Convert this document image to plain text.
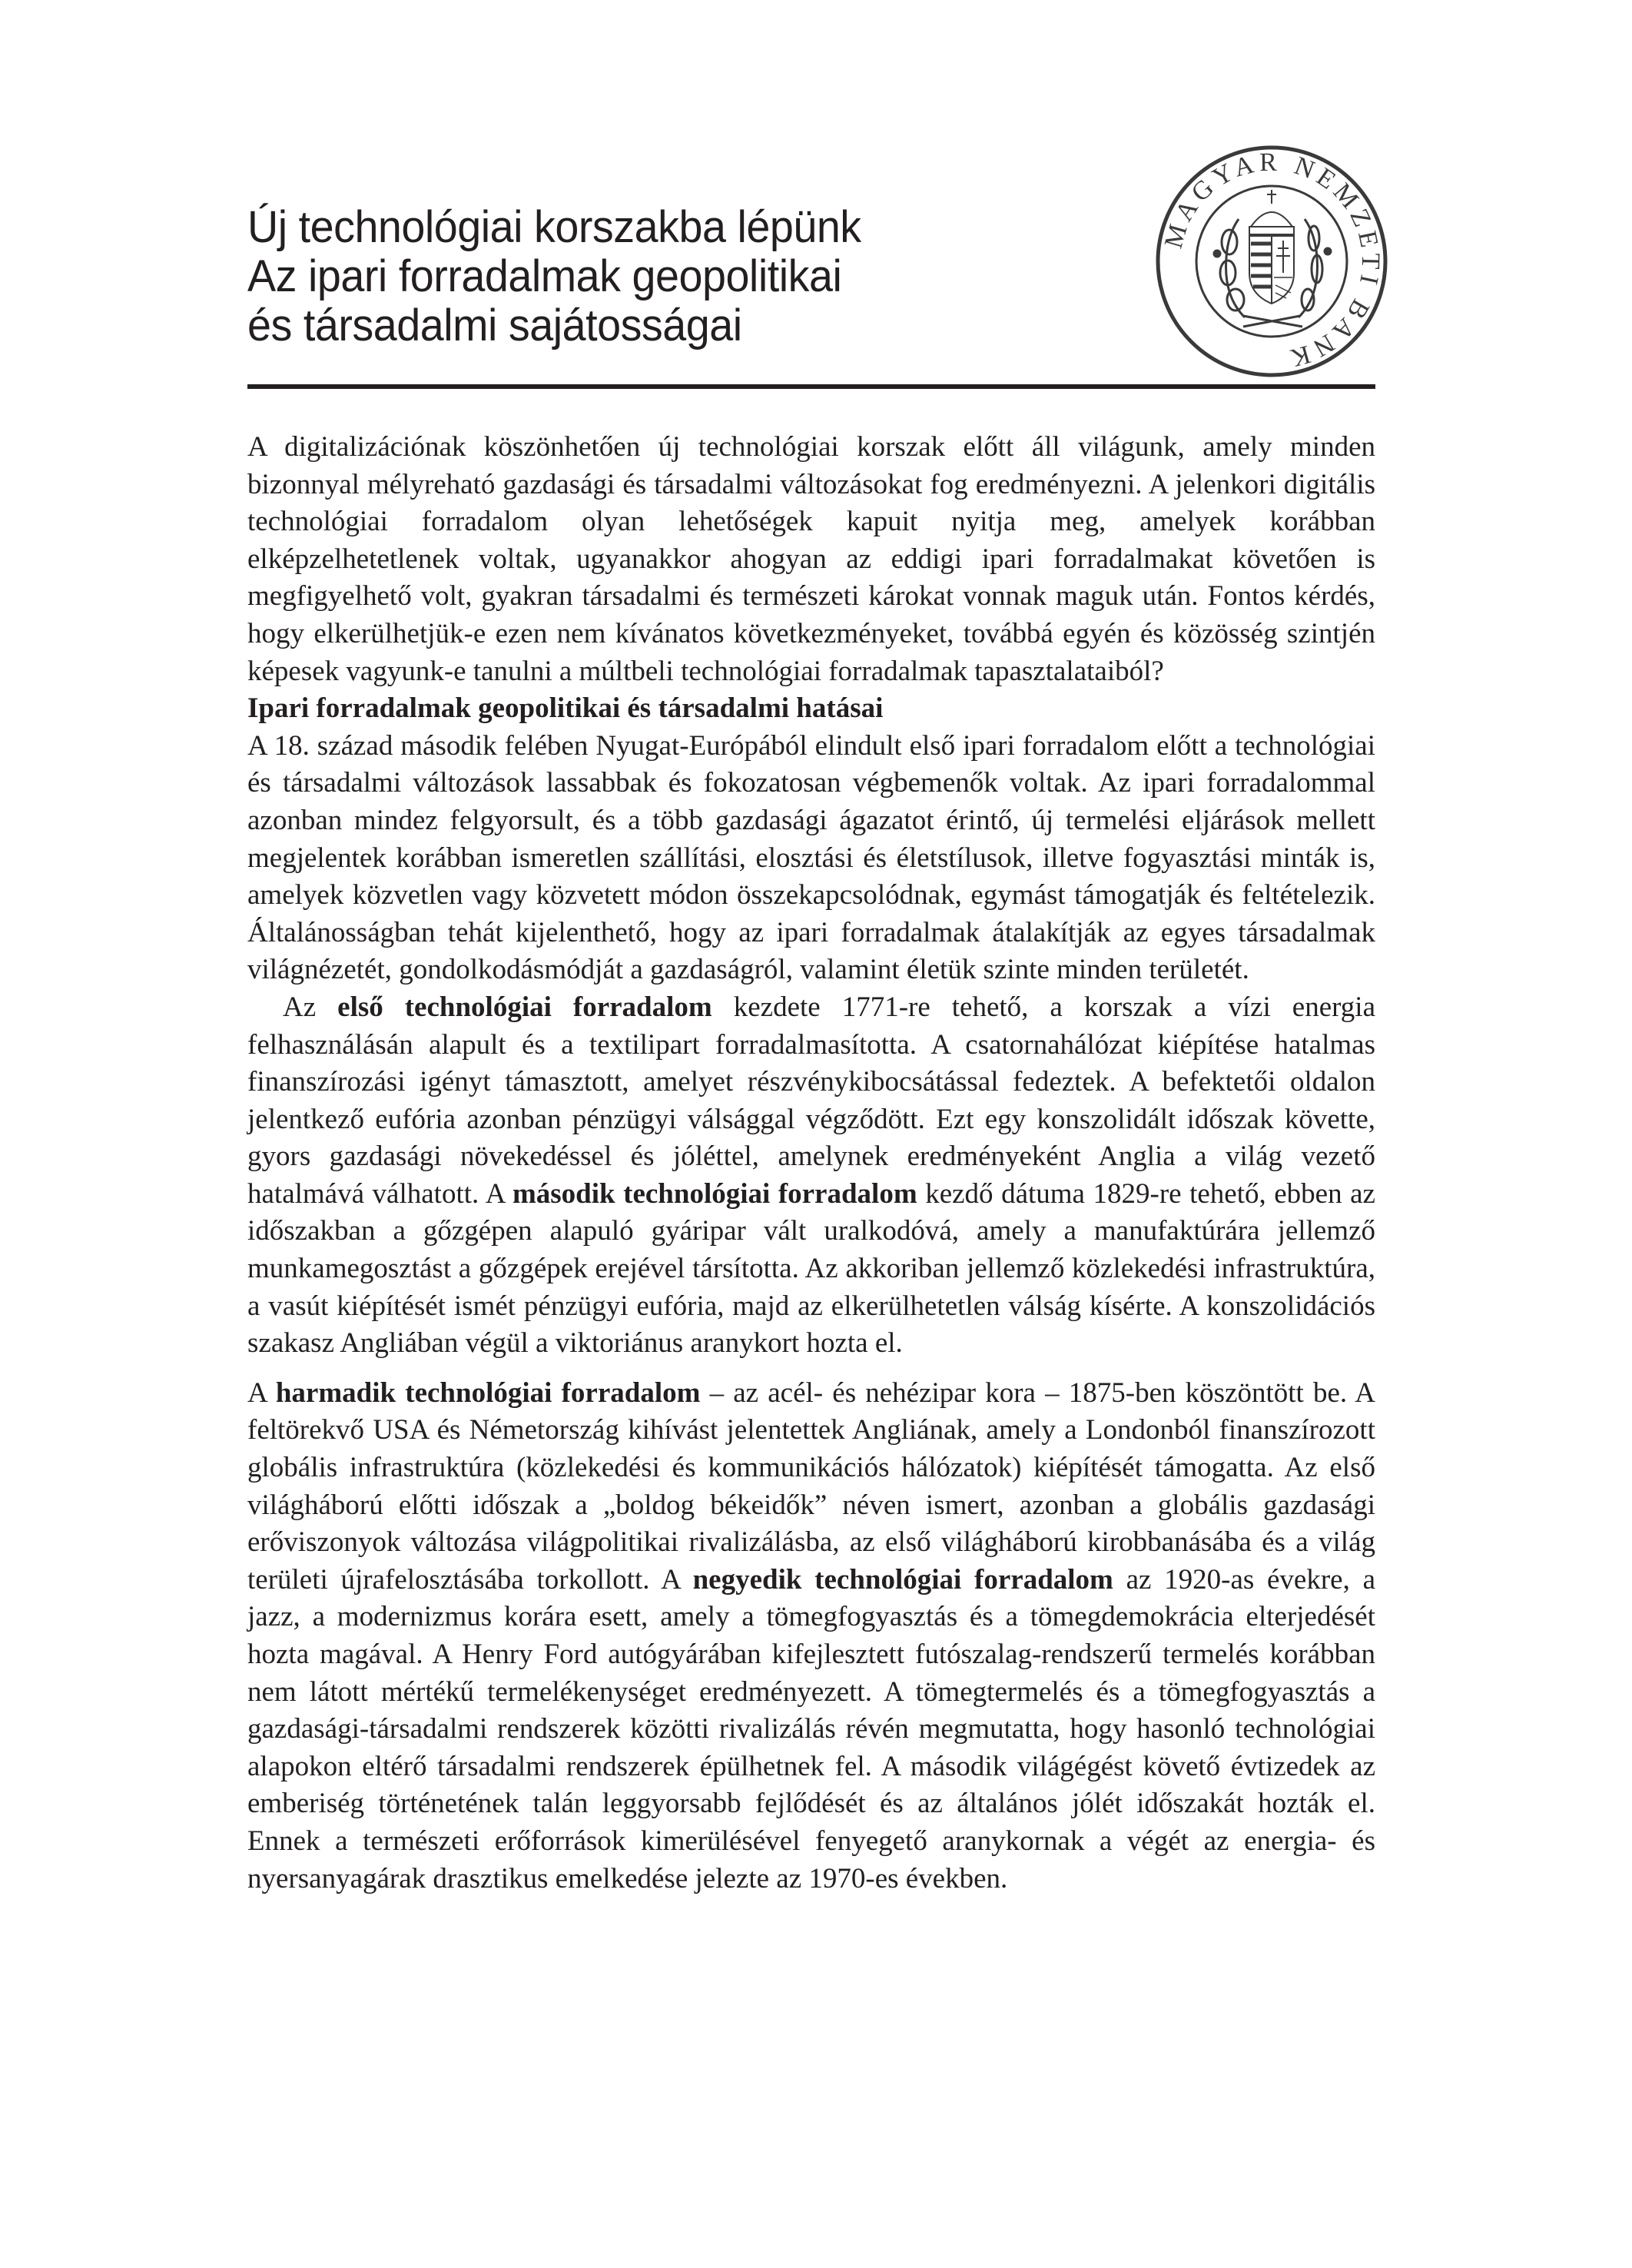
Új technológiai korszakba lépünk
Az ipari forradalmak geopolitikai
és társadalmi sajátosságai
MAGYAR NEMZETI BANK

A digitalizációnak köszönhetően új technológiai korszak előtt áll világunk, amely minden bizonnyal mélyreható gazdasági és társadalmi változásokat fog eredményezni. A jelenkori digitális technológiai forradalom olyan lehetőségek kapuit nyitja meg, amelyek korábban elképzelhetetlenek voltak, ugyanakkor ahogyan az eddigi ipari forradalmakat követően is megfigyelhető volt, gyakran társadalmi és természeti károkat vonnak maguk után. Fontos kérdés, hogy elkerülhetjük-e ezen nem kívánatos következményeket, továbbá egyén és közösség szintjén képesek vagyunk-e tanulni a múltbeli technológiai forradalmak tapasztalataiból?

Ipari forradalmak geopolitikai és társadalmi hatásai

A 18. század második felében Nyugat-Európából elindult első ipari forradalom előtt a technológiai és társadalmi változások lassabbak és fokozatosan végbemenők voltak. Az ipari forradalommal azonban mindez felgyorsult, és a több gazdasági ágazatot érintő, új termelési eljárások mellett megjelentek korábban ismeretlen szállítási, elosztási és életstílusok, illetve fogyasztási minták is, amelyek közvetlen vagy közvetett módon összekapcsolódnak, egymást támogatják és feltételezik. Általánosságban tehát kijelenthető, hogy az ipari forradalmak átalakítják az egyes társadalmak világnézetét, gondolkodásmódját a gazdaságról, valamint életük szinte minden területét.

Az első technológiai forradalom kezdete 1771-re tehető, a korszak a vízi energia felhasználásán alapult és a textilipart forradalmasította. A csatornahálózat kiépítése hatalmas finanszírozási igényt támasztott, amelyet részvénykibocsátással fedeztek. A befektetői oldalon jelentkező eufória azonban pénzügyi válsággal végződött. Ezt egy konszolidált időszak követte, gyors gazdasági növekedéssel és jóléttel, amelynek eredményeként Anglia a világ vezető hatalmává válhatott. A második technológiai forradalom kezdő dátuma 1829-re tehető, ebben az időszakban a gőzgépen alapuló gyáripar vált uralkodóvá, amely a manufaktúrára jellemző munkamegosztást a gőzgépek erejével társította. Az akkoriban jellemző közlekedési infrastruktúra, a vasút kiépítését ismét pénzügyi eufória, majd az elkerülhetetlen válság kísérte. A konszolidációs szakasz Angliában végül a viktoriánus aranykort hozta el.

A harmadik technológiai forradalom – az acél- és nehézipar kora – 1875-ben köszöntött be. A feltörekvő USA és Németország kihívást jelentettek Angliának, amely a Londonból finanszírozott globális infrastruktúra (közlekedési és kommunikációs hálózatok) kiépítését támogatta. Az első világháború előtti időszak a „boldog békeidők” néven ismert, azonban a globális gazdasági erőviszonyok változása világpolitikai rivalizálásba, az első világháború kirobbanásába és a világ területi újrafelosztásába torkollott. A negyedik technológiai forradalom az 1920-as évekre, a jazz, a modernizmus korára esett, amely a tömegfogyasztás és a tömegdemokrácia elterjedését hozta magával. A Henry Ford autógyárában kifejlesztett futószalag-rendszerű termelés korábban nem látott mértékű termelékenységet eredményezett. A tömegtermelés és a tömegfogyasztás a gazdasági-társadalmi rendszerek közötti rivalizálás révén megmutatta, hogy hasonló technológiai alapokon eltérő társadalmi rendszerek épülhetnek fel. A második világégést követő évtizedek az emberiség történetének talán leggyorsabb fejlődését és az általános jólét időszakát hozták el. Ennek a természeti erőforrások kimerülésével fenyegető aranykornak a végét az energia- és nyersanyagárak drasztikus emelkedése jelezte az 1970-es években.
